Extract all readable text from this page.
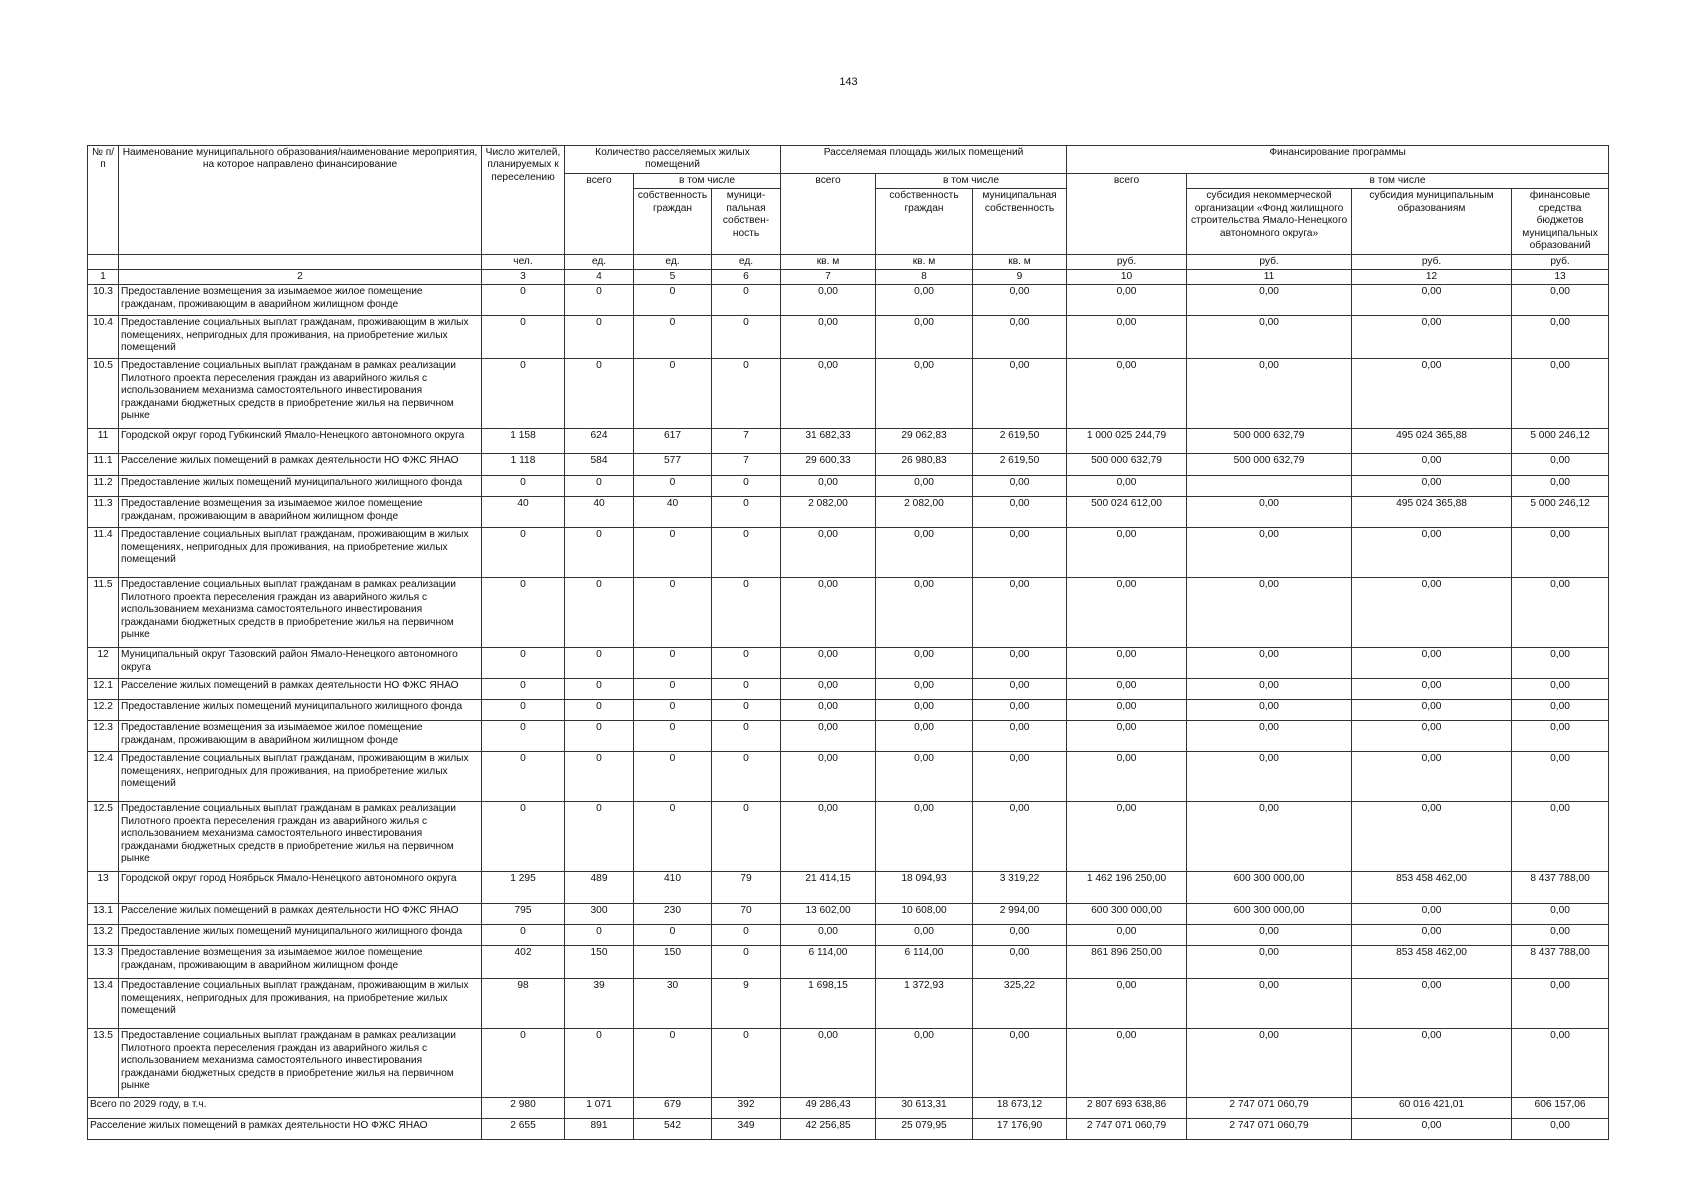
143
№ п/п	Наименование муниципального образования/наименование мероприятия, на которое направлено финансирование	Число жителей, планируемых к переселению	Количество расселяемых жилых помещений			Расселяемая площадь жилых помещений			Финансирование программы			
			всего	в том числе		всего	в том числе		всего	в том числе		
				собственность граждан	муници-пальная собствен-ность		собственность граждан	муниципальная собственность		субсидия некоммерческой организации «Фонд жилищного строительства Ямало-Ненецкого автономного округа»	субсидия муниципальным образованиям	финансовые средства бюджетов муниципальных образований
		чел.	ед.	ед.	ед.	кв. м	кв. м	кв. м	руб.	руб.	руб.	руб.
1	2	3	4	5	6	7	8	9	10	11	12	13
10.3	Предоставление возмещения за изымаемое жилое помещение гражданам, проживающим в аварийном жилищном фонде	0	0	0	0	0,00	0,00	0,00	0,00	0,00	0,00	0,00
10.4	Предоставление социальных выплат гражданам, проживающим в жилых помещениях, непригодных для проживания, на приобретение жилых помещений	0	0	0	0	0,00	0,00	0,00	0,00	0,00	0,00	0,00
10.5	Предоставление социальных выплат гражданам в рамках реализации Пилотного проекта переселения граждан из аварийного жилья с использованием механизма самостоятельного инвестирования гражданами бюджетных средств в приобретение жилья на первичном рынке	0	0	0	0	0,00	0,00	0,00	0,00	0,00	0,00	0,00
11	Городской округ город Губкинский Ямало-Ненецкого автономного округа	1 158	624	617	7	31 682,33	29 062,83	2 619,50	1 000 025 244,79	500 000 632,79	495 024 365,88	5 000 246,12
11.1	Расселение жилых помещений в рамках деятельности НО ФЖС ЯНАО	1 118	584	577	7	29 600,33	26 980,83	2 619,50	500 000 632,79	500 000 632,79	0,00	0,00
11.2	Предоставление жилых помещений муниципального жилищного фонда	0	0	0	0	0,00	0,00	0,00	0,00		0,00	0,00
11.3	Предоставление возмещения за изымаемое жилое помещение гражданам, проживающим в аварийном жилищном фонде	40	40	40	0	2 082,00	2 082,00	0,00	500 024 612,00	0,00	495 024 365,88	5 000 246,12
11.4	Предоставление социальных выплат гражданам, проживающим в жилых помещениях, непригодных для проживания, на приобретение жилых помещений	0	0	0	0	0,00	0,00	0,00	0,00	0,00	0,00	0,00
11.5	Предоставление социальных выплат гражданам в рамках реализации Пилотного проекта переселения граждан из аварийного жилья с использованием механизма самостоятельного инвестирования гражданами бюджетных средств в приобретение жилья на первичном рынке	0	0	0	0	0,00	0,00	0,00	0,00	0,00	0,00	0,00
12	Муниципальный округ Тазовский район Ямало-Ненецкого автономного округа	0	0	0	0	0,00	0,00	0,00	0,00	0,00	0,00	0,00
12.1	Расселение жилых помещений в рамках деятельности НО ФЖС ЯНАО	0	0	0	0	0,00	0,00	0,00	0,00	0,00	0,00	0,00
12.2	Предоставление жилых помещений муниципального жилищного фонда	0	0	0	0	0,00	0,00	0,00	0,00	0,00	0,00	0,00
12.3	Предоставление возмещения за изымаемое жилое помещение гражданам, проживающим в аварийном жилищном фонде	0	0	0	0	0,00	0,00	0,00	0,00	0,00	0,00	0,00
12.4	Предоставление социальных выплат гражданам, проживающим в жилых помещениях, непригодных для проживания, на приобретение жилых помещений	0	0	0	0	0,00	0,00	0,00	0,00	0,00	0,00	0,00
12.5	Предоставление социальных выплат гражданам в рамках реализации Пилотного проекта переселения граждан из аварийного жилья с использованием механизма самостоятельного инвестирования гражданами бюджетных средств в приобретение жилья на первичном рынке	0	0	0	0	0,00	0,00	0,00	0,00	0,00	0,00	0,00
13	Городской округ город Ноябрьск Ямало-Ненецкого автономного округа	1 295	489	410	79	21 414,15	18 094,93	3 319,22	1 462 196 250,00	600 300 000,00	853 458 462,00	8 437 788,00
13.1	Расселение жилых помещений в рамках деятельности НО ФЖС ЯНАО	795	300	230	70	13 602,00	10 608,00	2 994,00	600 300 000,00	600 300 000,00	0,00	0,00
13.2	Предоставление жилых помещений муниципального жилищного фонда	0	0	0	0	0,00	0,00	0,00	0,00	0,00	0,00	0,00
13.3	Предоставление возмещения за изымаемое жилое помещение гражданам, проживающим в аварийном жилищном фонде	402	150	150	0	6 114,00	6 114,00	0,00	861 896 250,00	0,00	853 458 462,00	8 437 788,00
13.4	Предоставление социальных выплат гражданам, проживающим в жилых помещениях, непригодных для проживания, на приобретение жилых помещений	98	39	30	9	1 698,15	1 372,93	325,22	0,00	0,00	0,00	0,00
13.5	Предоставление социальных выплат гражданам в рамках реализации Пилотного проекта переселения граждан из аварийного жилья с использованием механизма самостоятельного инвестирования гражданами бюджетных средств в приобретение жилья на первичном рынке	0	0	0	0	0,00	0,00	0,00	0,00	0,00	0,00	0,00
Всего по 2029 году, в т.ч.		2 980	1 071	679	392	49 286,43	30 613,31	18 673,12	2 807 693 638,86	2 747 071 060,79	60 016 421,01	606 157,06
Расселение жилых помещений в рамках деятельности НО ФЖС ЯНАО		2 655	891	542	349	42 256,85	25 079,95	17 176,90	2 747 071 060,79	2 747 071 060,79	0,00	0,00
